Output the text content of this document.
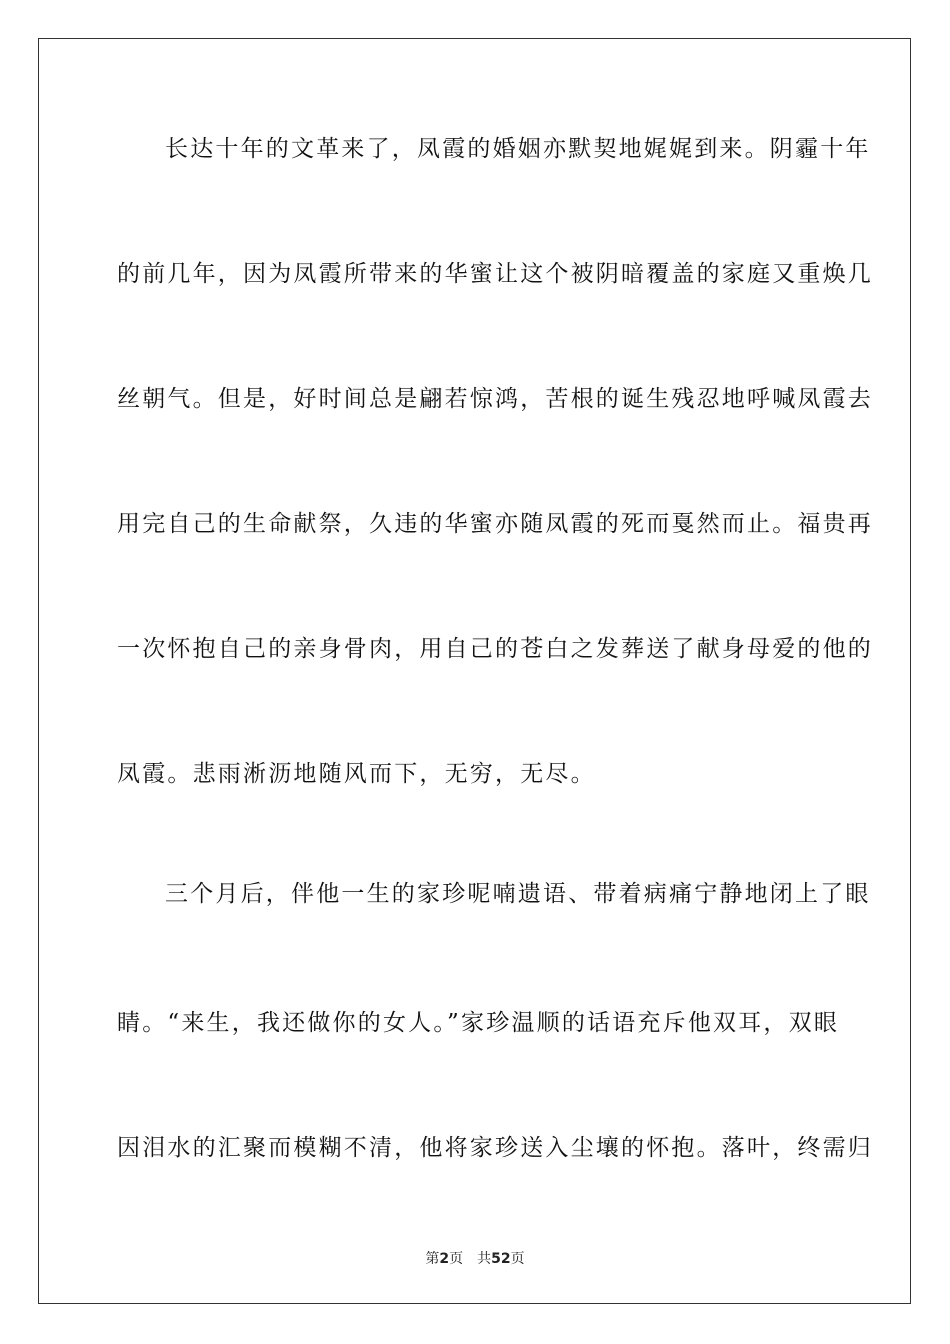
长达十年的文革来了，凤霞的婚姻亦默契地娓娓到来。阴霾十年

的前几年，因为凤霞所带来的华蜜让这个被阴暗覆盖的家庭又重焕几

丝朝气。但是，好时间总是翩若惊鸿，苦根的诞生残忍地呼喊凤霞去

用完自己的生命献祭，久违的华蜜亦随凤霞的死而戛然而止。福贵再

一次怀抱自己的亲身骨肉，用自己的苍白之发葬送了献身母爱的他的

凤霞。悲雨淅沥地随风而下，无穷，无尽。

三个月后，伴他一生的家珍呢喃遗语、带着病痛宁静地闭上了眼

睛。“来生，我还做你的女人。”家珍温顺的话语充斥他双耳，双眼

因泪水的汇聚而模糊不清，他将家珍送入尘壤的怀抱。落叶，终需归

第2页 共52页
